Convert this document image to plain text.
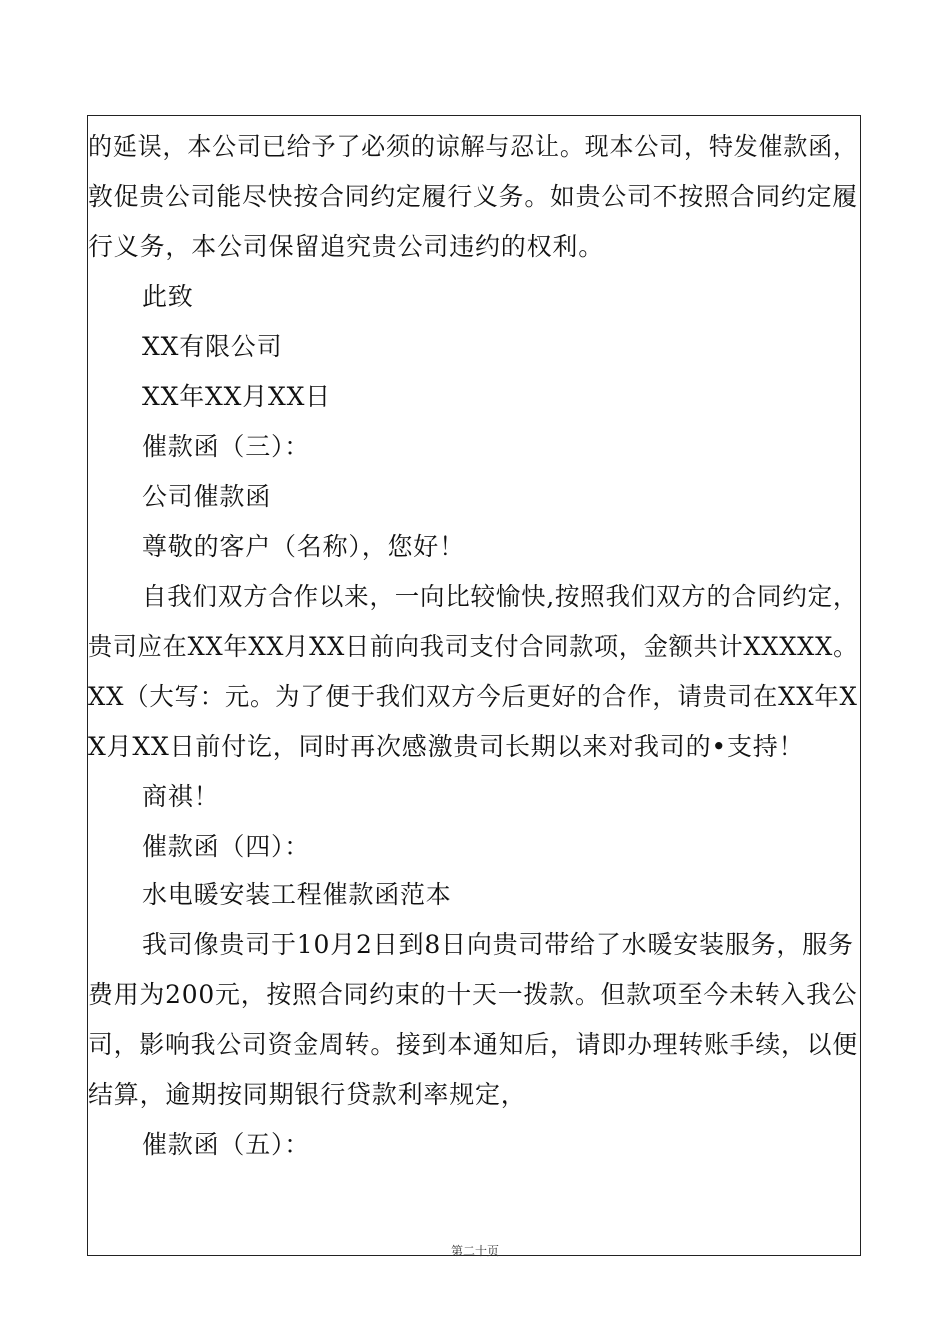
的延误，本公司已给予了必须的谅解与忍让。现本公司，特发催款函，
敦促贵公司能尽快按合同约定履行义务。如贵公司不按照合同约定履
行义务，本公司保留追究贵公司违约的权利。
此致
XX有限公司
XX年XX月XX日
催款函（三）：
公司催款函
尊敬的客户（名称），您好！
自我们双方合作以来，一向比较愉快,按照我们双方的合同约定，
贵司应在XX年XX月XX日前向我司支付合同款项，金额共计XXXXX。
XX（大写：元。为了便于我们双方今后更好的合作，请贵司在XX年X
X月XX日前付讫，同时再次感激贵司长期以来对我司的•支持！
商祺！
催款函（四）：
水电暖安装工程催款函范本
我司像贵司于10月2日到8日向贵司带给了水暖安装服务，服务
费用为200元，按照合同约束的十天一拨款。但款项至今未转入我公
司，影响我公司资金周转。接到本通知后，请即办理转账手续，以便
结算，逾期按同期银行贷款利率规定，
催款函（五）：
第二十页
